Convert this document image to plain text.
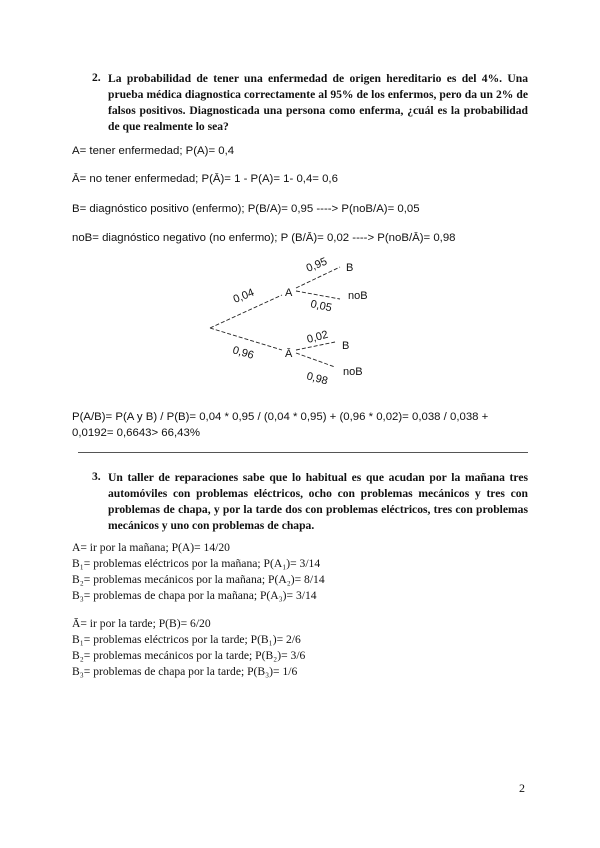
2. La probabilidad de tener una enfermedad de origen hereditario es del 4%. Una prueba médica diagnostica correctamente al 95% de los enfermos, pero da un 2% de falsos positivos. Diagnosticada una persona como enferma, ¿cuál es la probabilidad de que realmente lo sea?
A= tener enfermedad; P(A)= 0,4
Ā= no tener enfermedad; P(Ā)= 1 - P(A)= 1- 0,4= 0,6
B= diagnóstico positivo (enfermo); P(B/A)= 0,95 ----> P(noB/A)= 0,05
noB= diagnóstico negativo (no enfermo); P (B/Ā)= 0,02 ----> P(noB/Ā)= 0,98
0,04
0,96
A
Ā
0,95 B
0,05
noB
0,02
B
0,98 noB
P(A/B)= P(A y B) / P(B)= 0,04 * 0,95 / (0,04 * 0,95) + (0,96 * 0,02)= 0,038 / 0,038 +
0,0192= 0,6643> 66,43%
3. Un taller de reparaciones sabe que lo habitual es que acudan por la mañana tres automóviles con problemas eléctricos, ocho con problemas mecánicos y tres con problemas de chapa, y por la tarde dos con problemas eléctricos, tres con problemas mecánicos y uno con problemas de chapa.
A= ir por la mañana; P(A)= 14/20
B₁= problemas eléctricos por la mañana; P(A₁)= 3/14
B₂= problemas mecánicos por la mañana; P(A₂)= 8/14
B₃= problemas de chapa por la mañana; P(A₃)= 3/14
Ā= ir por la tarde; P(B)= 6/20
B₁= problemas eléctricos por la tarde; P(B₁)= 2/6
B₂= problemas mecánicos por la tarde; P(B₂)= 3/6
B₃= problemas de chapa por la tarde; P(B₃)= 1/6
2
